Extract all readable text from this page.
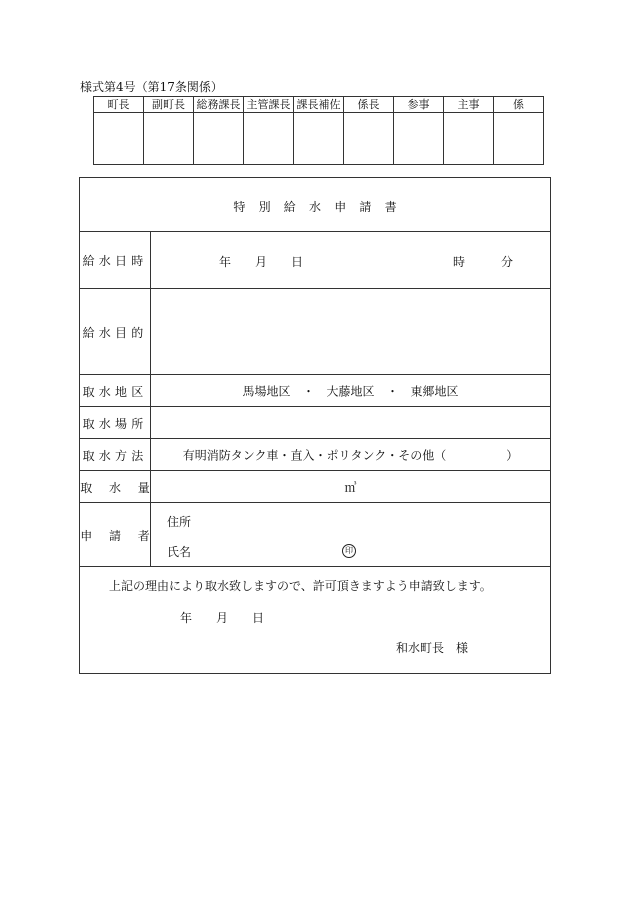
様式第4号（第17条関係）
町長	副町長	総務課長	主管課長	課長補佐	係長	参事	主事	係

特別給水申請書
給水日時	年 月 日	時	分
給水目的
取水地区	馬場地区　・　大藤地区　・　東郷地区
取水場所
取水方法	有明消防タンク車・直入・ポリタンク・その他（　　　　　）
取水量	㎥
申請者
住所
氏名	印
上記の理由により取水致しますので、許可頂きますよう申請致します。
年 月 日
和水町長　様
